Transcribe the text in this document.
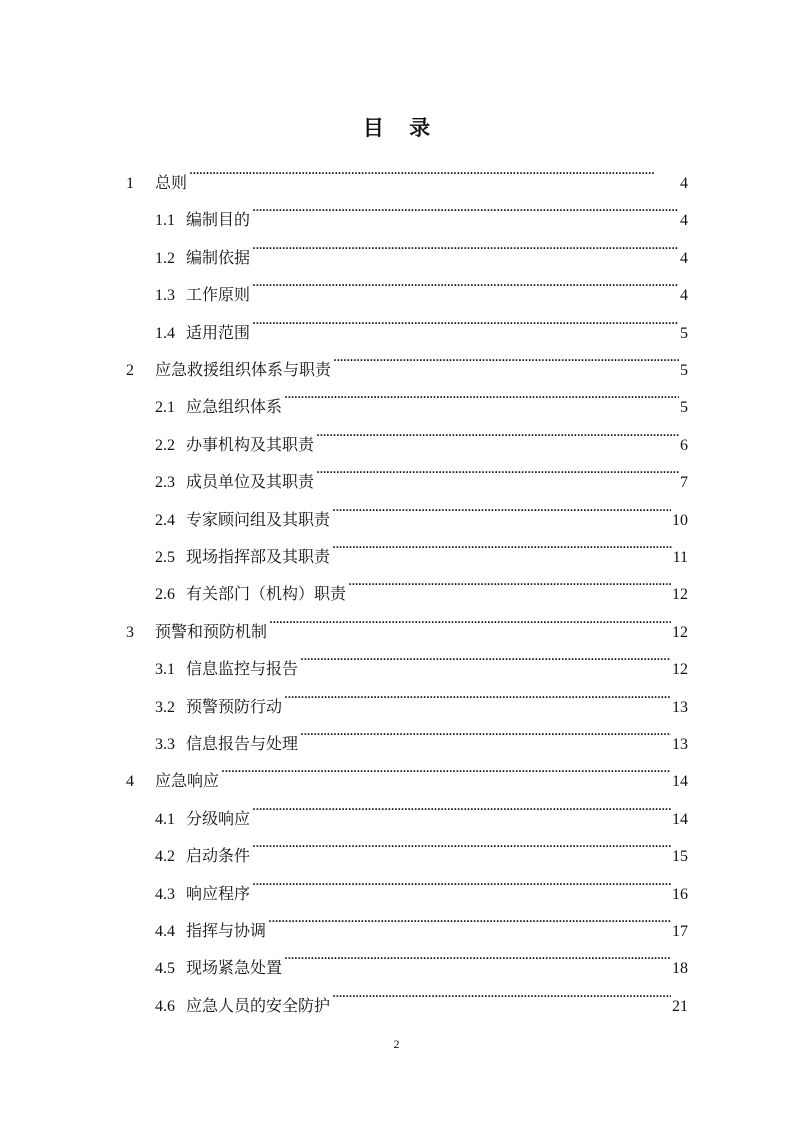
目 录
1	总则 . . .	4
1.1 编制目的 . . .	4
1.2 编制依据 . . .	4
1.3 工作原则 . . .	4
1.4 适用范围 . . .	5
2	应急救援组织体系与职责 . . .	5
2.1 应急组织体系 . . .	5
2.2 办事机构及其职责 . . .	6
2.3 成员单位及其职责 . . .	7
2.4 专家顾问组及其职责 . . .	10
2.5 现场指挥部及其职责 . . .	11
2.6 有关部门（机构）职责 . . .	12
3	预警和预防机制 . . .	12
3.1 信息监控与报告 . . .	12
3.2 预警预防行动 . . .	13
3.3 信息报告与处理 . . .	13
4	应急响应 . . .	14
4.1 分级响应 . . .	14
4.2 启动条件 . . .	15
4.3 响应程序 . . .	16
4.4 指挥与协调 . . .	17
4.5 现场紧急处置 . . .	18
4.6 应急人员的安全防护 . . .	21
2
